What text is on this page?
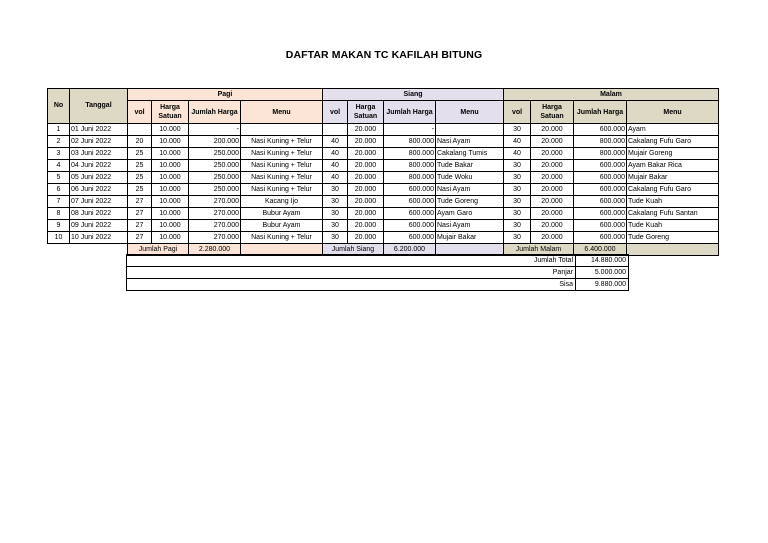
DAFTAR MAKAN TC KAFILAH BITUNG
No	Tanggal	Pagi				Siang				Malam			
		vol	Harga Satuan	Jumlah Harga	Menu	vol	Harga Satuan	Jumlah Harga	Menu	vol	Harga Satuan	Jumlah Harga	Menu
1	01 Juni 2022		10.000	-			20.000	-		30	20.000	600.000	Ayam
2	02 Juni 2022	20	10.000	200.000	Nasi Kuning + Telur	40	20.000	800.000	Nasi Ayam	40	20.000	800.000	Cakalang Fufu Garo
3	03 Juni 2022	25	10.000	250.000	Nasi Kuning + Telur	40	20.000	800.000	Cakalang Tumis	40	20.000	800.000	Mujair Goreng
4	04 Juni 2022	25	10.000	250.000	Nasi Kuning + Telur	40	20.000	800.000	Tude Bakar	30	20.000	600.000	Ayam Bakar Rica
5	05 Juni 2022	25	10.000	250.000	Nasi Kuning + Telur	40	20.000	800.000	Tude Woku	30	20.000	600.000	Mujair Bakar
6	06 Juni 2022	25	10.000	250.000	Nasi Kuning + Telur	30	20.000	600.000	Nasi Ayam	30	20.000	600.000	Cakalang Fufu Garo
7	07 Juni 2022	27	10.000	270.000	Kacang Ijo	30	20.000	600.000	Tude Goreng	30	20.000	600.000	Tude Kuah
8	08 Juni 2022	27	10.000	270.000	Bubur Ayam	30	20.000	600.000	Ayam Garo	30	20.000	600.000	Cakalang Fufu Santan
9	09 Juni 2022	27	10.000	270.000	Bubur Ayam	30	20.000	600.000	Nasi Ayam	30	20.000	600.000	Tude Kuah
10	10 Juni 2022	27	10.000	270.000	Nasi Kuning + Telur	30	20.000	600.000	Mujair Bakar	30	20.000	600.000	Tude Goreng
		Jumlah Pagi		2.280.000		Jumlah Siang		6.200.000		Jumlah Malam		6.400.000	
Jumlah Total	14.880.000
Panjar	5.000.000
Sisa	9.880.000
